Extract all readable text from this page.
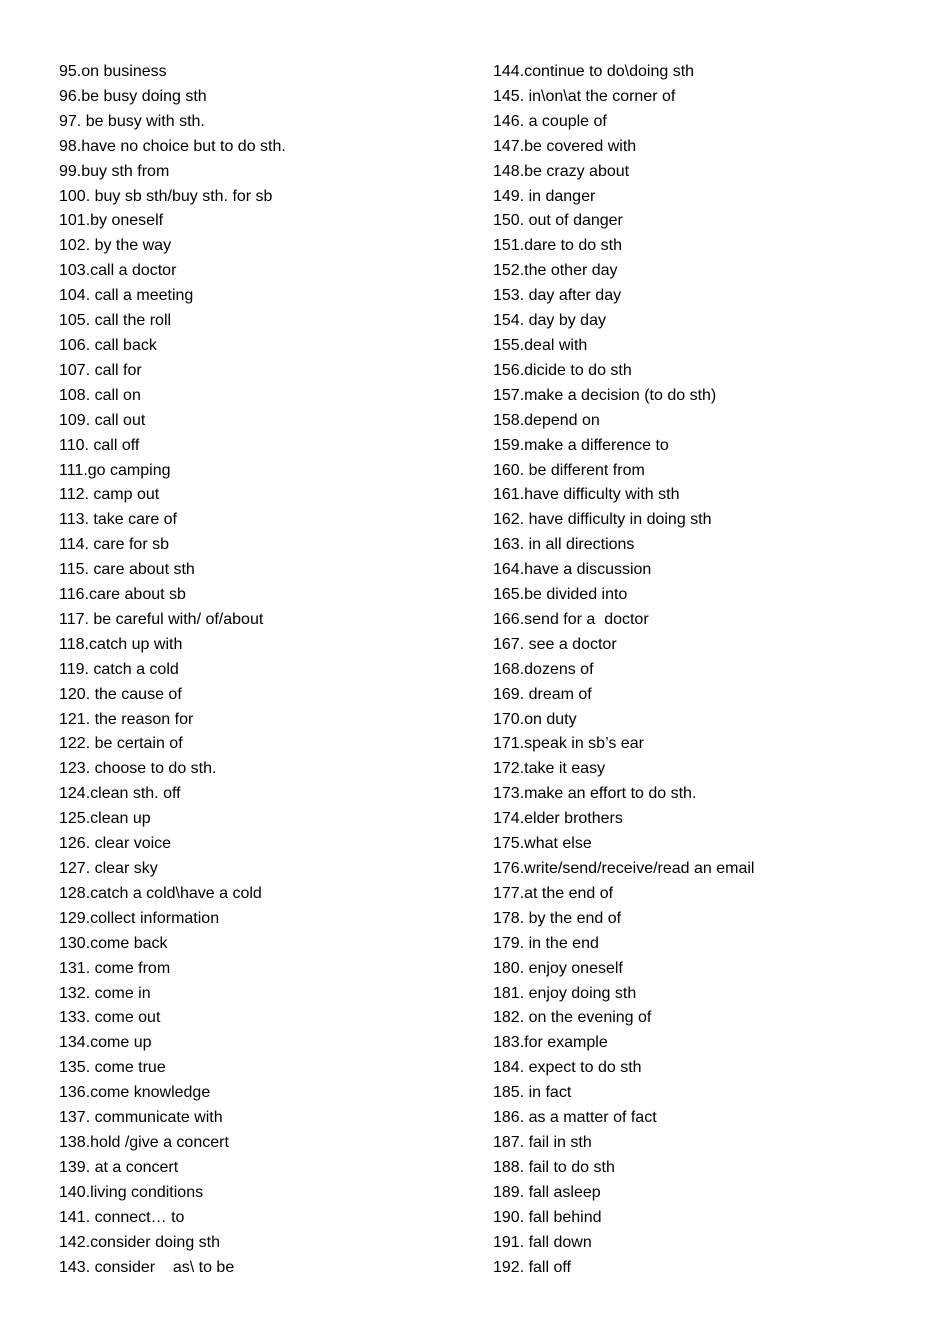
95.on business
96.be busy doing sth
97. be busy with sth.
98.have no choice but to do sth.
99.buy sth from
100. buy sb sth/buy sth. for sb
101.by oneself
102. by the way
103.call a doctor
104. call a meeting
105. call the roll
106. call back
107. call for
108. call on
109. call out
110. call off
111.go camping
112. camp out
113. take care of
114. care for sb
115. care about sth
116.care about sb
117. be careful with/ of/about
118.catch up with
119. catch a cold
120. the cause of
121. the reason for
122. be certain of
123. choose to do sth.
124.clean sth. off
125.clean up
126. clear voice
127. clear sky
128.catch a cold\have a cold
129.collect information
130.come back
131. come from
132. come in
133. come out
134.come up
135. come true
136.come knowledge
137. communicate with
138.hold /give a concert
139. at a concert
140.living conditions
141. connect… to
142.consider doing sth
143. consider    as\ to be
144.continue to do\doing sth
145. in\on\at the corner of
146. a couple of
147.be covered with
148.be crazy about
149. in danger
150. out of danger
151.dare to do sth
152.the other day
153. day after day
154. day by day
155.deal with
156.dicide to do sth
157.make a decision (to do sth)
158.depend on
159.make a difference to
160. be different from
161.have difficulty with sth
162. have difficulty in doing sth
163. in all directions
164.have a discussion
165.be divided into
166.send for a  doctor
167. see a doctor
168.dozens of
169. dream of
170.on duty
171.speak in sb’s ear
172.take it easy
173.make an effort to do sth.
174.elder brothers
175.what else
176.write/send/receive/read an email
177.at the end of
178. by the end of
179. in the end
180. enjoy oneself
181. enjoy doing sth
182. on the evening of
183.for example
184. expect to do sth
185. in fact
186. as a matter of fact
187. fail in sth
188. fail to do sth
189. fall asleep
190. fall behind
191. fall down
192. fall off
